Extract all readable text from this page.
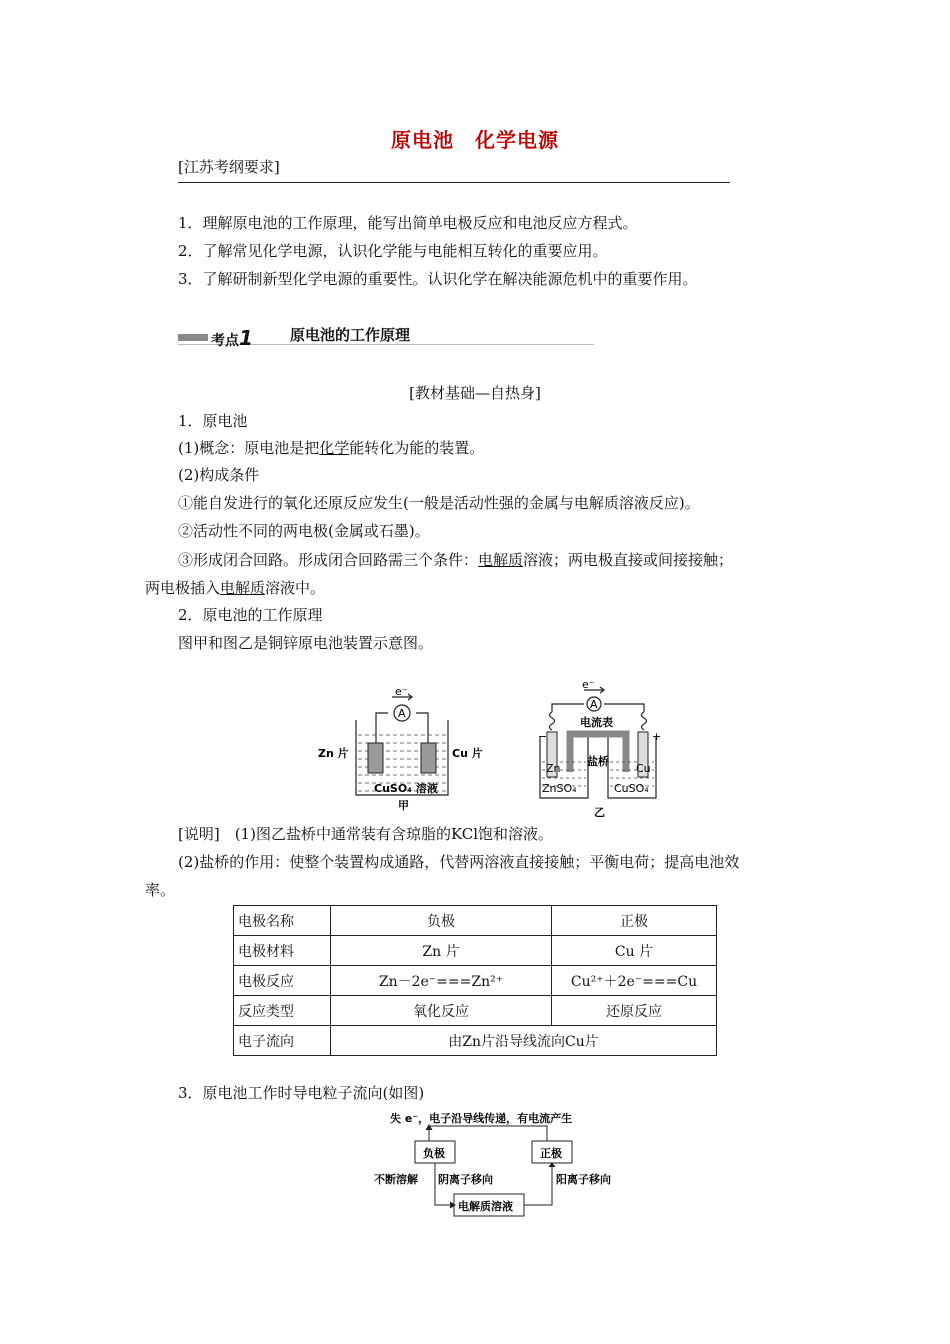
原电池　化学电源
[江苏考纲要求]
1．理解原电池的工作原理，能写出简单电极反应和电池反应方程式。
2．了解常见化学电源，认识化学能与电能相互转化的重要应用。
3．了解研制新型化学电源的重要性。认识化学在解决能源危机中的重要作用。
考点1 原电池的工作原理
[教材基础—自热身]
1．原电池
(1)概念：原电池是把化学能转化为能的装置。
(2)构成条件
①能自发进行的氧化还原反应发生(一般是活动性强的金属与电解质溶液反应)。
②活动性不同的两电极(金属或石墨)。
③形成闭合回路。形成闭合回路需三个条件：电解质溶液；两电极直接或间接接触；
两电极插入电解质溶液中。
2．原电池的工作原理
图甲和图乙是铜锌原电池装置示意图。
e⁻
A
Zn 片	Cu 片
CuSO₄ 溶液
甲
e⁻
A
电流表
−	+
Zn	Cu
盐桥
ZnSO₄	CuSO₄
乙
[说明]　(1)图乙盐桥中通常装有含琼脂的KCl饱和溶液。
(2)盐桥的作用：使整个装置构成通路，代替两溶液直接接触；平衡电荷；提高电池效
率。
电极名称	负极	正极
电极材料	Zn 片	Cu 片
电极反应	Zn－2e⁻===Zn²⁺	Cu²⁺＋2e⁻===Cu
反应类型	氧化反应	还原反应
电子流向	由Zn片沿导线流向Cu片	
3．原电池工作时导电粒子流向(如图)
失 e⁻，电子沿导线传递，有电流产生
负极	正极
不断溶解 阴离子移向	阳离子移向
电解质溶液
